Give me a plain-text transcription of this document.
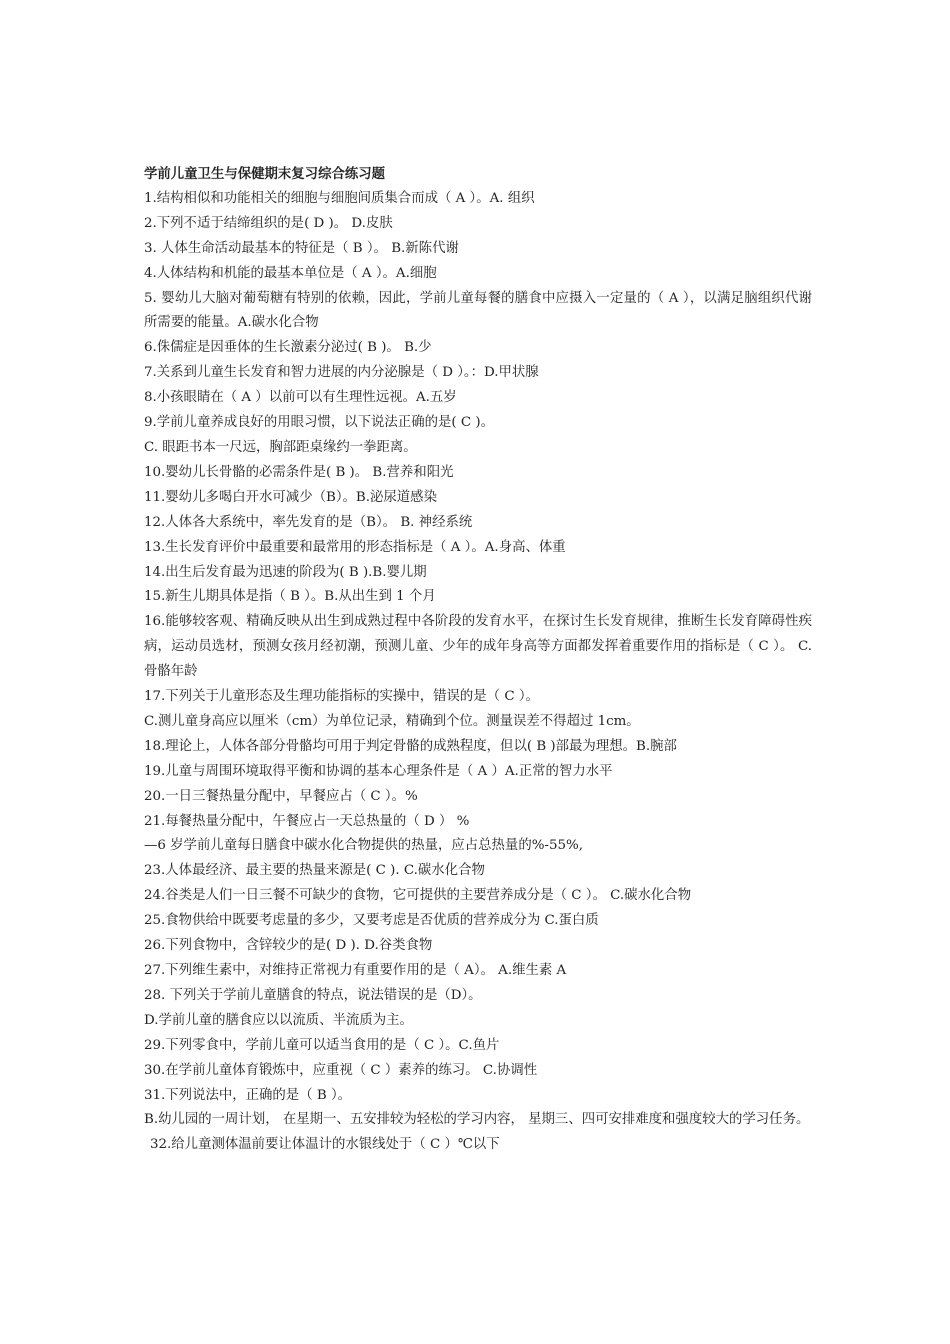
学前儿童卫生与保健期末复习综合练习题
1.结构相似和功能相关的细胞与细胞间质集合而成（ A ）。A. 组织
2.下列不适于结缔组织的是( D )。 D.皮肤
3. 人体生命活动最基本的特征是（ B ）。 B.新陈代谢
4.人体结构和机能的最基本单位是（ A ）。A.细胞
5. 婴幼儿大脑对葡萄糖有特别的依赖，因此，学前儿童每餐的膳食中应摄入一定量的（ A ），以满足脑组织代谢所需要的能量。A.碳水化合物
6.侏儒症是因垂体的生长激素分泌过( B )。 B.少
7.关系到儿童生长发育和智力进展的内分泌腺是（ D ）。：D.甲状腺
8.小孩眼睛在（ A ）以前可以有生理性远视。A.五岁
9.学前儿童养成良好的用眼习惯，以下说法正确的是( C )。
C. 眼距书本一尺远，胸部距桌缘约一拳距离。
10.婴幼儿长骨骼的必需条件是( B )。 B.营养和阳光
11.婴幼儿多喝白开水可减少（B）。B.泌尿道感染
12.人体各大系统中，率先发育的是（B）。 B. 神经系统
13.生长发育评价中最重要和最常用的形态指标是（ A ）。A.身高、体重
14.出生后发育最为迅速的阶段为( B ).B.婴儿期
15.新生儿期具体是指（ B ）。B.从出生到 1 个月
16.能够较客观、精确反映从出生到成熟过程中各阶段的发育水平，在探讨生长发育规律，推断生长发育障碍性疾病，运动员选材，预测女孩月经初潮，预测儿童、少年的成年身高等方面都发挥着重要作用的指标是（ C ）。 C.骨骼年龄
17.下列关于儿童形态及生理功能指标的实操中，错误的是（ C ）。
C.测儿童身高应以厘米（cm）为单位记录，精确到个位。测量误差不得超过 1cm。
18.理论上，人体各部分骨骼均可用于判定骨骼的成熟程度，但以( B )部最为理想。B.腕部
19.儿童与周围环境取得平衡和协调的基本心理条件是（ A ）A.正常的智力水平
20.一日三餐热量分配中，早餐应占（ C ）。%
21.每餐热量分配中，午餐应占一天总热量的（ D ） %
—6 岁学前儿童每日膳食中碳水化合物提供的热量，应占总热量的%-55%,
23.人体最经济、最主要的热量来源是( C ). C.碳水化合物
24.谷类是人们一日三餐不可缺少的食物，它可提供的主要营养成分是（ C ）。 C.碳水化合物
25.食物供给中既要考虑量的多少，又要考虑是否优质的营养成分为 C.蛋白质
26.下列食物中，含锌较少的是( D ). D.谷类食物
27.下列维生素中，对维持正常视力有重要作用的是（ A）。 A.维生素 A
28. 下列关于学前儿童膳食的特点，说法错误的是（D）。
D.学前儿童的膳食应以以流质、半流质为主。
29.下列零食中，学前儿童可以适当食用的是（ C ）。C.鱼片
30.在学前儿童体育锻炼中，应重视（ C ）素养的练习。 C.协调性
31.下列说法中，正确的是（ B ）。
B.幼儿园的一周计划， 在星期一、五安排较为轻松的学习内容， 星期三、四可安排难度和强度较大的学习任务。
32.给儿童测体温前要让体温计的水银线处于（ C ）℃以下
